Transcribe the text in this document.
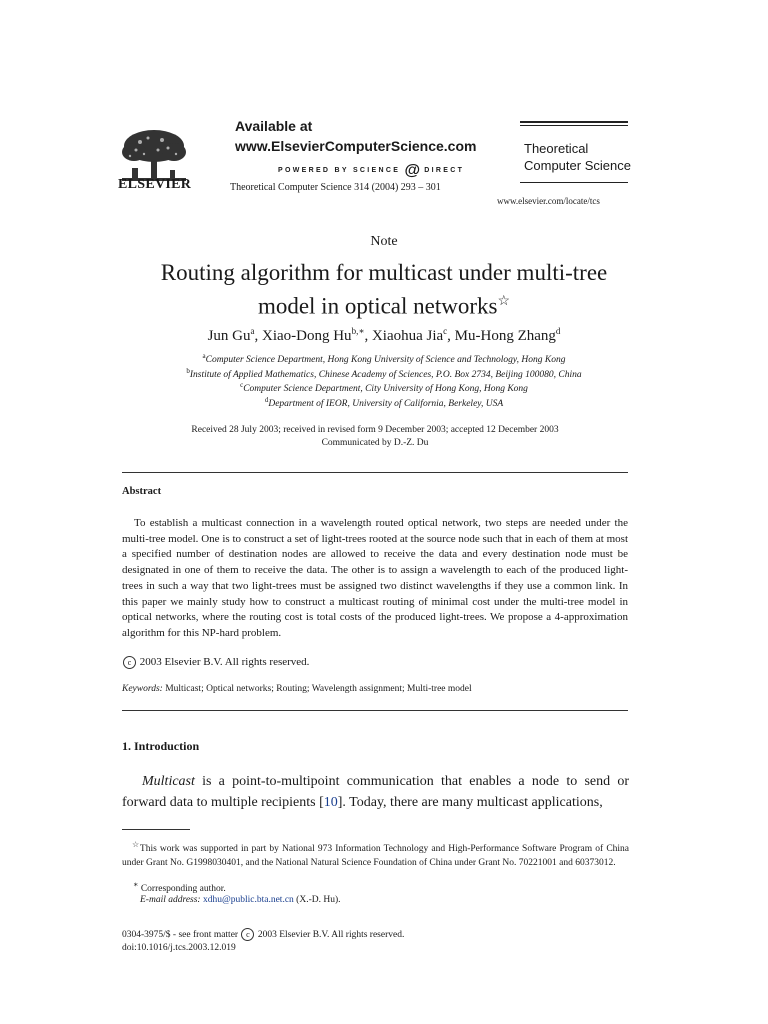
ELSEVIER
Available at
www.ElsevierComputerScience.com
POWERED BY SCIENCE @ DIRECT
Theoretical Computer Science 314 (2004) 293 – 301
Theoretical
Computer Science
www.elsevier.com/locate/tcs
Note
Routing algorithm for multicast under multi-tree
model in optical networks☆
Jun Gu$^a$, Xiao-Dong $Hu^{b,∗}$, Xiaohua Jia$^c$, Mu-Hong Zhang$^d$
$^a$Computer Science Department, Hong Kong University of Science and Technology, Hong Kong
$^b$Institute of Applied Mathematics, Chinese Academy of Sciences, P.O. Box 2734, Beijing 100080, China
$^c$Computer Science Department, City University of Hong Kong, Hong Kong
$^d$Department of IEOR, University of California, Berkeley, USA
Received 28 July 2003; received in revised form 9 December 2003; accepted 12 December 2003
Communicated by D.-Z. Du
Abstract
To establish a multicast connection in a wavelength routed optical network, two steps are needed under the multi-tree model. One is to construct a set of light-trees rooted at the source node such that in each of them at most a specified number of destination nodes are allowed to receive the data and every destination node must be designated in one of them to receive the data. The other is to assign a wavelength to each of the produced light-trees in such a way that two light-trees must be assigned two distinct wavelengths if they use a common link. In this paper we mainly study how to construct a multicast routing of minimal cost under the multi-tree model in optical networks, where the routing cost is total costs of the produced light-trees. We propose a 4-approximation algorithm for this NP-hard problem.
c 2003 Elsevier B.V. All rights reserved.
Keywords: Multicast; Optical networks; Routing; Wavelength assignment; Multi-tree model
1. Introduction
Multicast is a point-to-multipoint communication that enables a node to send or forward data to multiple recipients [10]. Today, there are many multicast applications,
☆This work was supported in part by National 973 Information Technology and High-Performance Software Program of China under Grant No. G1998030401, and the National Natural Science Foundation of China under Grant No. 70221001 and 60373012.
∗ Corresponding author.
E-mail address: xdhu@public.bta.net.cn (X.-D. Hu).
0304-3975/$ - see front matter c 2003 Elsevier B.V. All rights reserved.
doi:10.1016/j.tcs.2003.12.019
